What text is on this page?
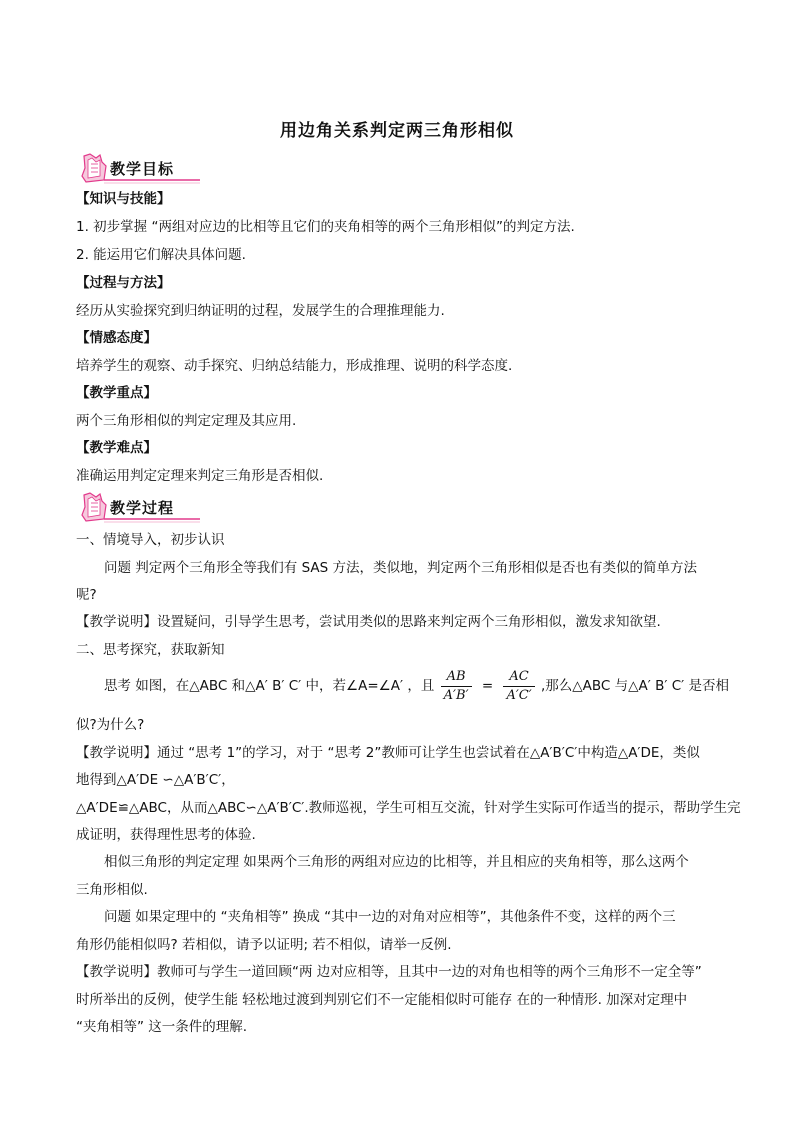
用边角关系判定两三角形相似
教学目标
【知识与技能】
1. 初步掌握 “两组对应边的比相等且它们的夹角相等的两个三角形相似”的判定方法.
2. 能运用它们解决具体问题.
【过程与方法】
经历从实验探究到归纳证明的过程，发展学生的合理推理能力.
【情感态度】
培养学生的观察、动手探究、归纳总结能力，形成推理、说明的科学态度.
【教学重点】
两个三角形相似的判定定理及其应用.
【教学难点】
准确运用判定定理来判定三角形是否相似.
教学过程
一、情境导入，初步认识
问题 判定两个三角形全等我们有 SAS 方法，类似地，判定两个三角形相似是否也有类似的简单方法
呢?
【教学说明】设置疑问，引导学生思考，尝试用类似的思路来判定两个三角形相似，激发求知欲望.
二、思考探究，获取新知
思考 如图，在△ABC 和△A′ B′ C′ 中，若∠A=∠A′ ，且 $\frac{AB}{A'B'} = \frac{AC}{A'C'}$ ,那么△ABC 与△A′ B′ C′ 是否相
似?为什么?
【教学说明】通过 “思考 1”的学习，对于 “思考 2”教师可让学生也尝试着在△A′B′C′中构造△A′DE，类似
地得到△A′DE ∽△A′B′C′，
△A′DE≌△ABC，从而△ABC∽△A′B′C′.教师巡视，学生可相互交流，针对学生实际可作适当的提示，帮助学生完
成证明，获得理性思考的体验.
相似三角形的判定定理 如果两个三角形的两组对应边的比相等，并且相应的夹角相等，那么这两个
三角形相似.
问题 如果定理中的 “夹角相等” 换成 “其中一边的对角对应相等”，其他条件不变，这样的两个三
角形仍能相似吗? 若相似，请予以证明; 若不相似，请举一反例.
【教学说明】教师可与学生一道回顾“两 边对应相等，且其中一边的对角也相等的两个三角形不一定全等”
时所举出的反例，使学生能 轻松地过渡到判别它们不一定能相似时可能存 在的一种情形. 加深对定理中
“夹角相等” 这一条件的理解.
